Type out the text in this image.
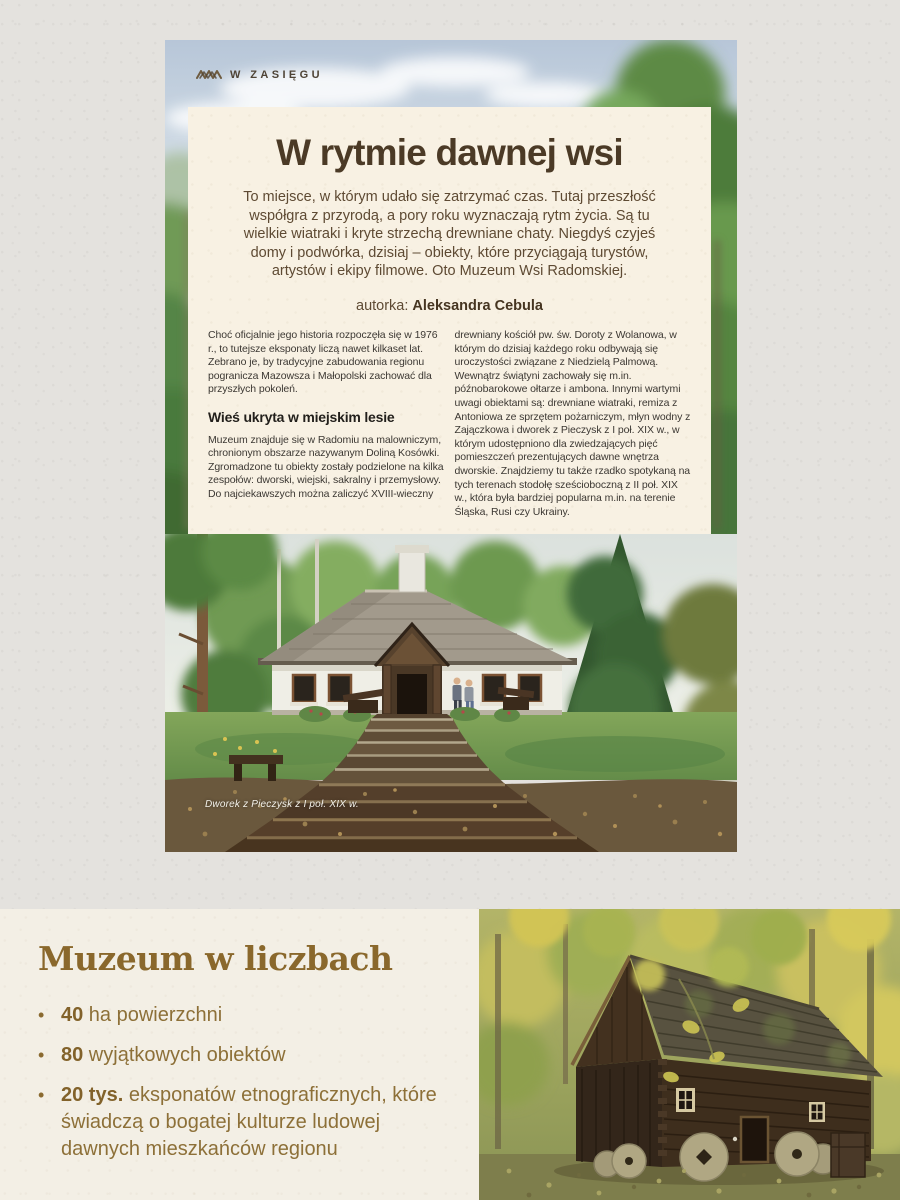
W ZASIĘGU
W rytmie dawnej wsi

To miejsce, w którym udało się zatrzymać czas. Tutaj przeszłość współgra z przyrodą, a pory roku wyznaczają rytm życia. Są tu wielkie wiatraki i kryte strzechą drewniane chaty. Niegdyś czyjeś domy i podwórka, dzisiaj – obiekty, które przyciągają turystów, artystów i ekipy filmowe. Oto Muzeum Wsi Radomskiej.

autorka: Aleksandra Cebula

Choć oficjalnie jego historia rozpoczęła się w 1976 r., to tutejsze eksponaty liczą nawet kilkaset lat. Zebrano je, by tradycyjne zabudowania regionu pogranicza Mazowsza i Małopolski zachować dla przyszłych pokoleń.

Wieś ukryta w miejskim lesie

Muzeum znajduje się w Radomiu na malowniczym, chronionym obszarze nazywanym Doliną Kosówki. Zgromadzone tu obiekty zostały podzielone na kilka zespołów: dworski, wiejski, sakralny i przemysłowy. Do najciekawszych można zaliczyć XVIII-wieczny

drewniany kościół pw. św. Doroty z Wolanowa, w którym do dzisiaj każdego roku odbywają się uroczystości związane z Niedzielą Palmową. Wewnątrz świątyni zachowały się m.in. późnobarokowe ołtarze i ambona. Innymi wartymi uwagi obiektami są: drewniane wiatraki, remiza z Antoniowa ze sprzętem pożarniczym, młyn wodny z Zajączkowa i dworek z Pieczysk z I poł. XIX w., w którym udostępniono dla zwiedzających pięć pomieszczeń prezentujących dawne wnętrza dworskie. Znajdziemy tu także rzadko spotykaną na tych terenach stodołę sześcioboczną z II poł. XIX w., która była bardziej popularna m.in. na terenie Śląska, Rusi czy Ukrainy.

Dworek z Pieczysk z I poł. XIX w.
Muzeum w liczbach
• 40 ha powierzchni
• 80 wyjątkowych obiektów
• 20 tys. eksponatów etnograficznych, które świadczą o bogatej kulturze ludowej dawnych mieszkańców regionu
